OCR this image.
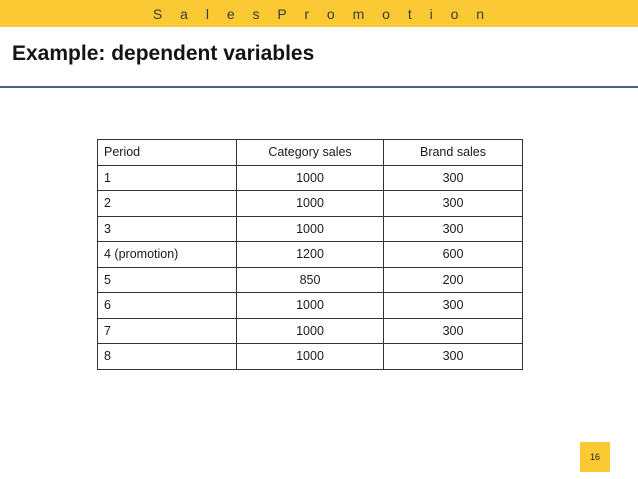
S a l e s P r o m o t i o n
Example: dependent variables
Period	Category sales	Brand sales
1	1000	300
2	1000	300
3	1000	300
4 (promotion)	1200	600
5	850	200
6	1000	300
7	1000	300
8	1000	300
16
